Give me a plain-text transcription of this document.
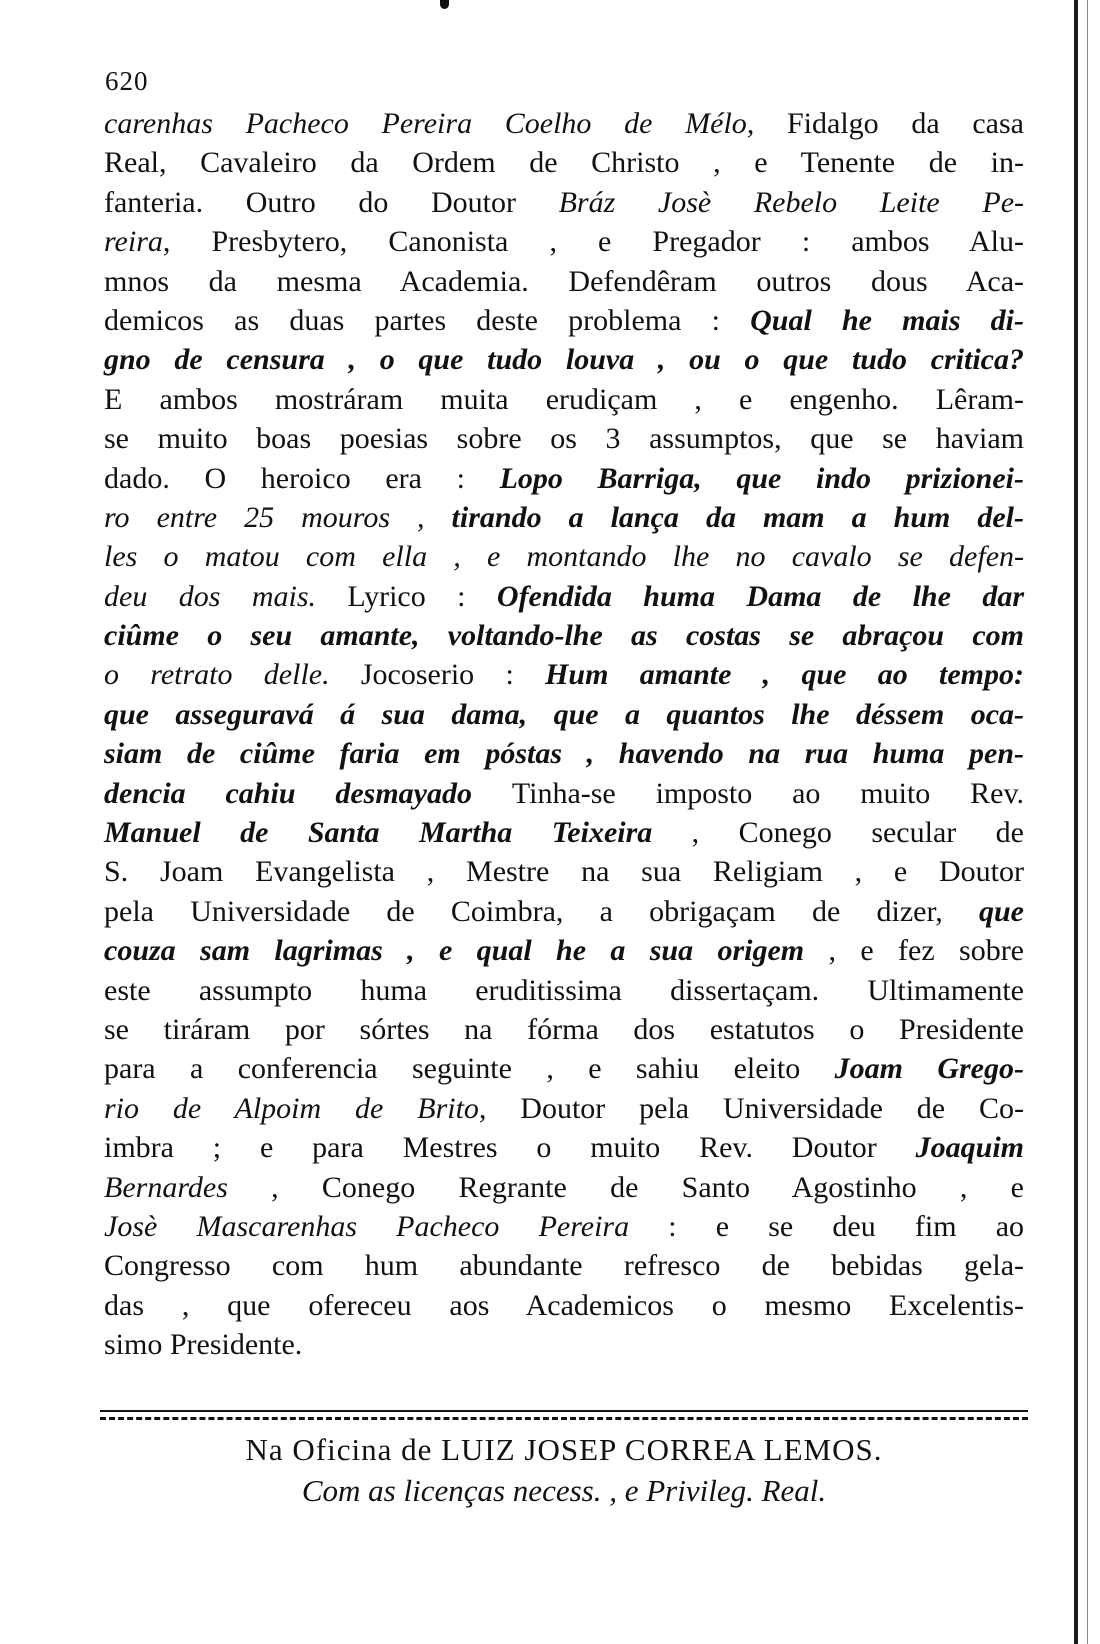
620
carenhas Pacheco Pereira Coelho de Mélo, Fidalgo da casa
Real, Cavaleiro da Ordem de Christo , e Tenente de in-
fanteria. Outro do Doutor Bráz Josè Rebelo Leite Pe-
reira, Presbytero, Canonista , e Pregador : ambos Alu-
mnos da mesma Academia. Defendêram outros dous Aca-
demicos as duas partes deste problema : Qual he mais di-
gno de censura , o que tudo louva , ou o que tudo critica?
E ambos mostráram muita erudiçam , e engenho. Lêram-
se muito boas poesias sobre os 3 assumptos, que se haviam
dado. O heroico era : Lopo Barriga, que indo prizionei-
ro entre 25 mouros , tirando a lança da mam a hum del-
les o matou com ella , e montando lhe no cavalo se defen-
deu dos mais. Lyrico : Ofendida huma Dama de lhe dar
ciûme o seu amante, voltando-lhe as costas se abraçou com
o retrato delle. Jocoserio : Hum amante , que ao tempo:
que asseguravá á sua dama, que a quantos lhe déssem oca-
siam de ciûme faria em póstas , havendo na rua huma pen-
dencia cahiu desmayado Tinha-se imposto ao muito Rev.
Manuel de Santa Martha Teixeira , Conego secular de
S. Joam Evangelista , Mestre na sua Religiam , e Doutor
pela Universidade de Coimbra, a obrigaçam de dizer, que
couza sam lagrimas , e qual he a sua origem , e fez sobre
este assumpto huma eruditissima dissertaçam. Ultimamente
se tiráram por sórtes na fórma dos estatutos o Presidente
para a conferencia seguinte , e sahiu eleito Joam Grego-
rio de Alpoim de Brito, Doutor pela Universidade de Co-
imbra ; e para Mestres o muito Rev. Doutor Joaquim
Bernardes , Conego Regrante de Santo Agostinho , e
Josè Mascarenhas Pacheco Pereira : e se deu fim ao
Congresso com hum abundante refresco de bebidas gela-
das , que ofereceu aos Academicos o mesmo Excelentis-
simo Presidente.
Na Oficina de LUIZ JOSEP CORREA LEMOS.
Com as licenças necess. , e Privileg. Real.
